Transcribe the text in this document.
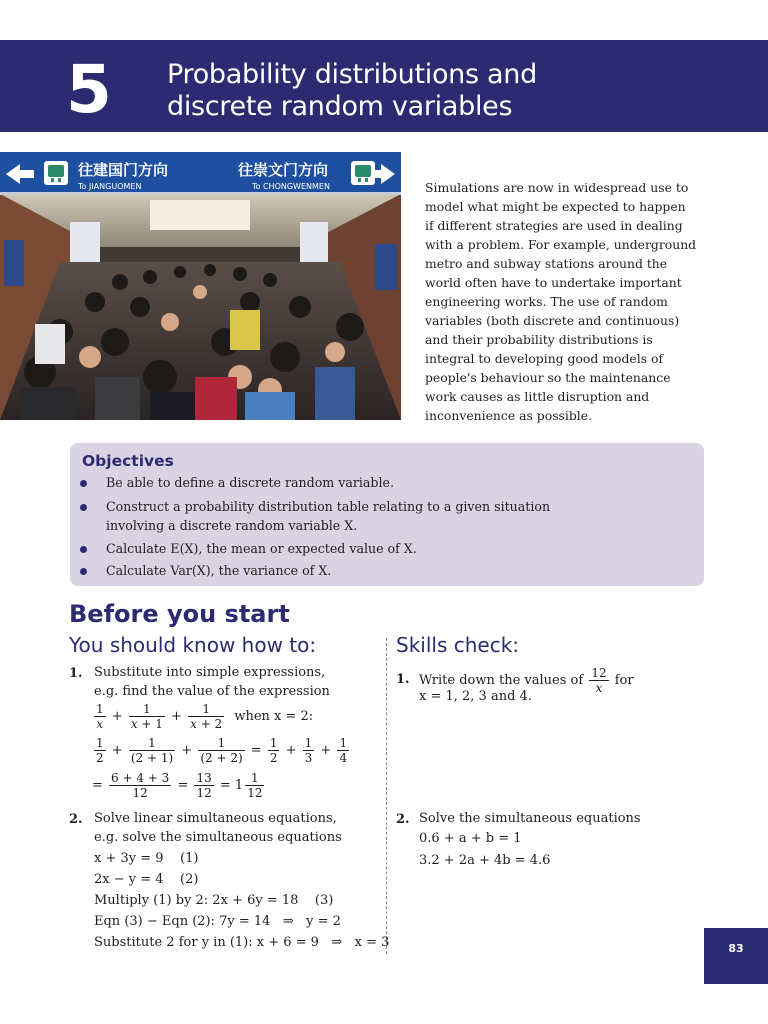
5 Probability distributions and
discrete random variables
往建国门方向
To JIANGUOMEN
往崇文门方向
To CHONGWENMEN	Simulations are now in widespread use to
model what might be expected to happen
if different strategies are used in dealing
with a problem. For example, underground
metro and subway stations around the
world often have to undertake important
engineering works. The use of random
variables (both discrete and continuous)
and their probability distributions is
integral to developing good models of
people's behaviour so the maintenance
work causes as little disruption and
inconvenience as possible.
Objectives
Be able to define a discrete random variable.
Construct a probability distribution table relating to a given situation
involving a discrete random variable X.
Calculate E(X), the mean or expected value of X.
Calculate Var(X), the variance of X.
Before you start
You should know how to:	Skills check:
1. Substitute into simple expressions,
e.g. find the value of the expression
$\frac{1}{x} + \frac{1}{x + 1} + \frac{1}{x + 2}$ when x = 2:
$\frac{1}{2} + \frac{1}{(2 + 1)} + \frac{1}{(2 + 2)} = \frac{1}{2} + \frac{1}{3} + \frac{1}{4}$
= $\frac{6 + 4 + 3}{12} = \frac{13}{12} = 1 \frac{1}{12}$
2. Solve linear simultaneous equations,
e.g. solve the simultaneous equations
x + 3y = 9    (1)
2x − y = 4    (2)
Multiply (1) by 2: 2x + 6y = 18    (3)
Eqn (3) − Eqn (2): 7y = 14   ⇒   y = 2
Substitute 2 for y in (1): x + 6 = 9   ⇒   x = 3
1. Write down the values of $\frac{12}{x}$ for
x = 1, 2, 3 and 4.
2. Solve the simultaneous equations
0.6 + a + b = 1
3.2 + 2a + 4b = 4.6
83
